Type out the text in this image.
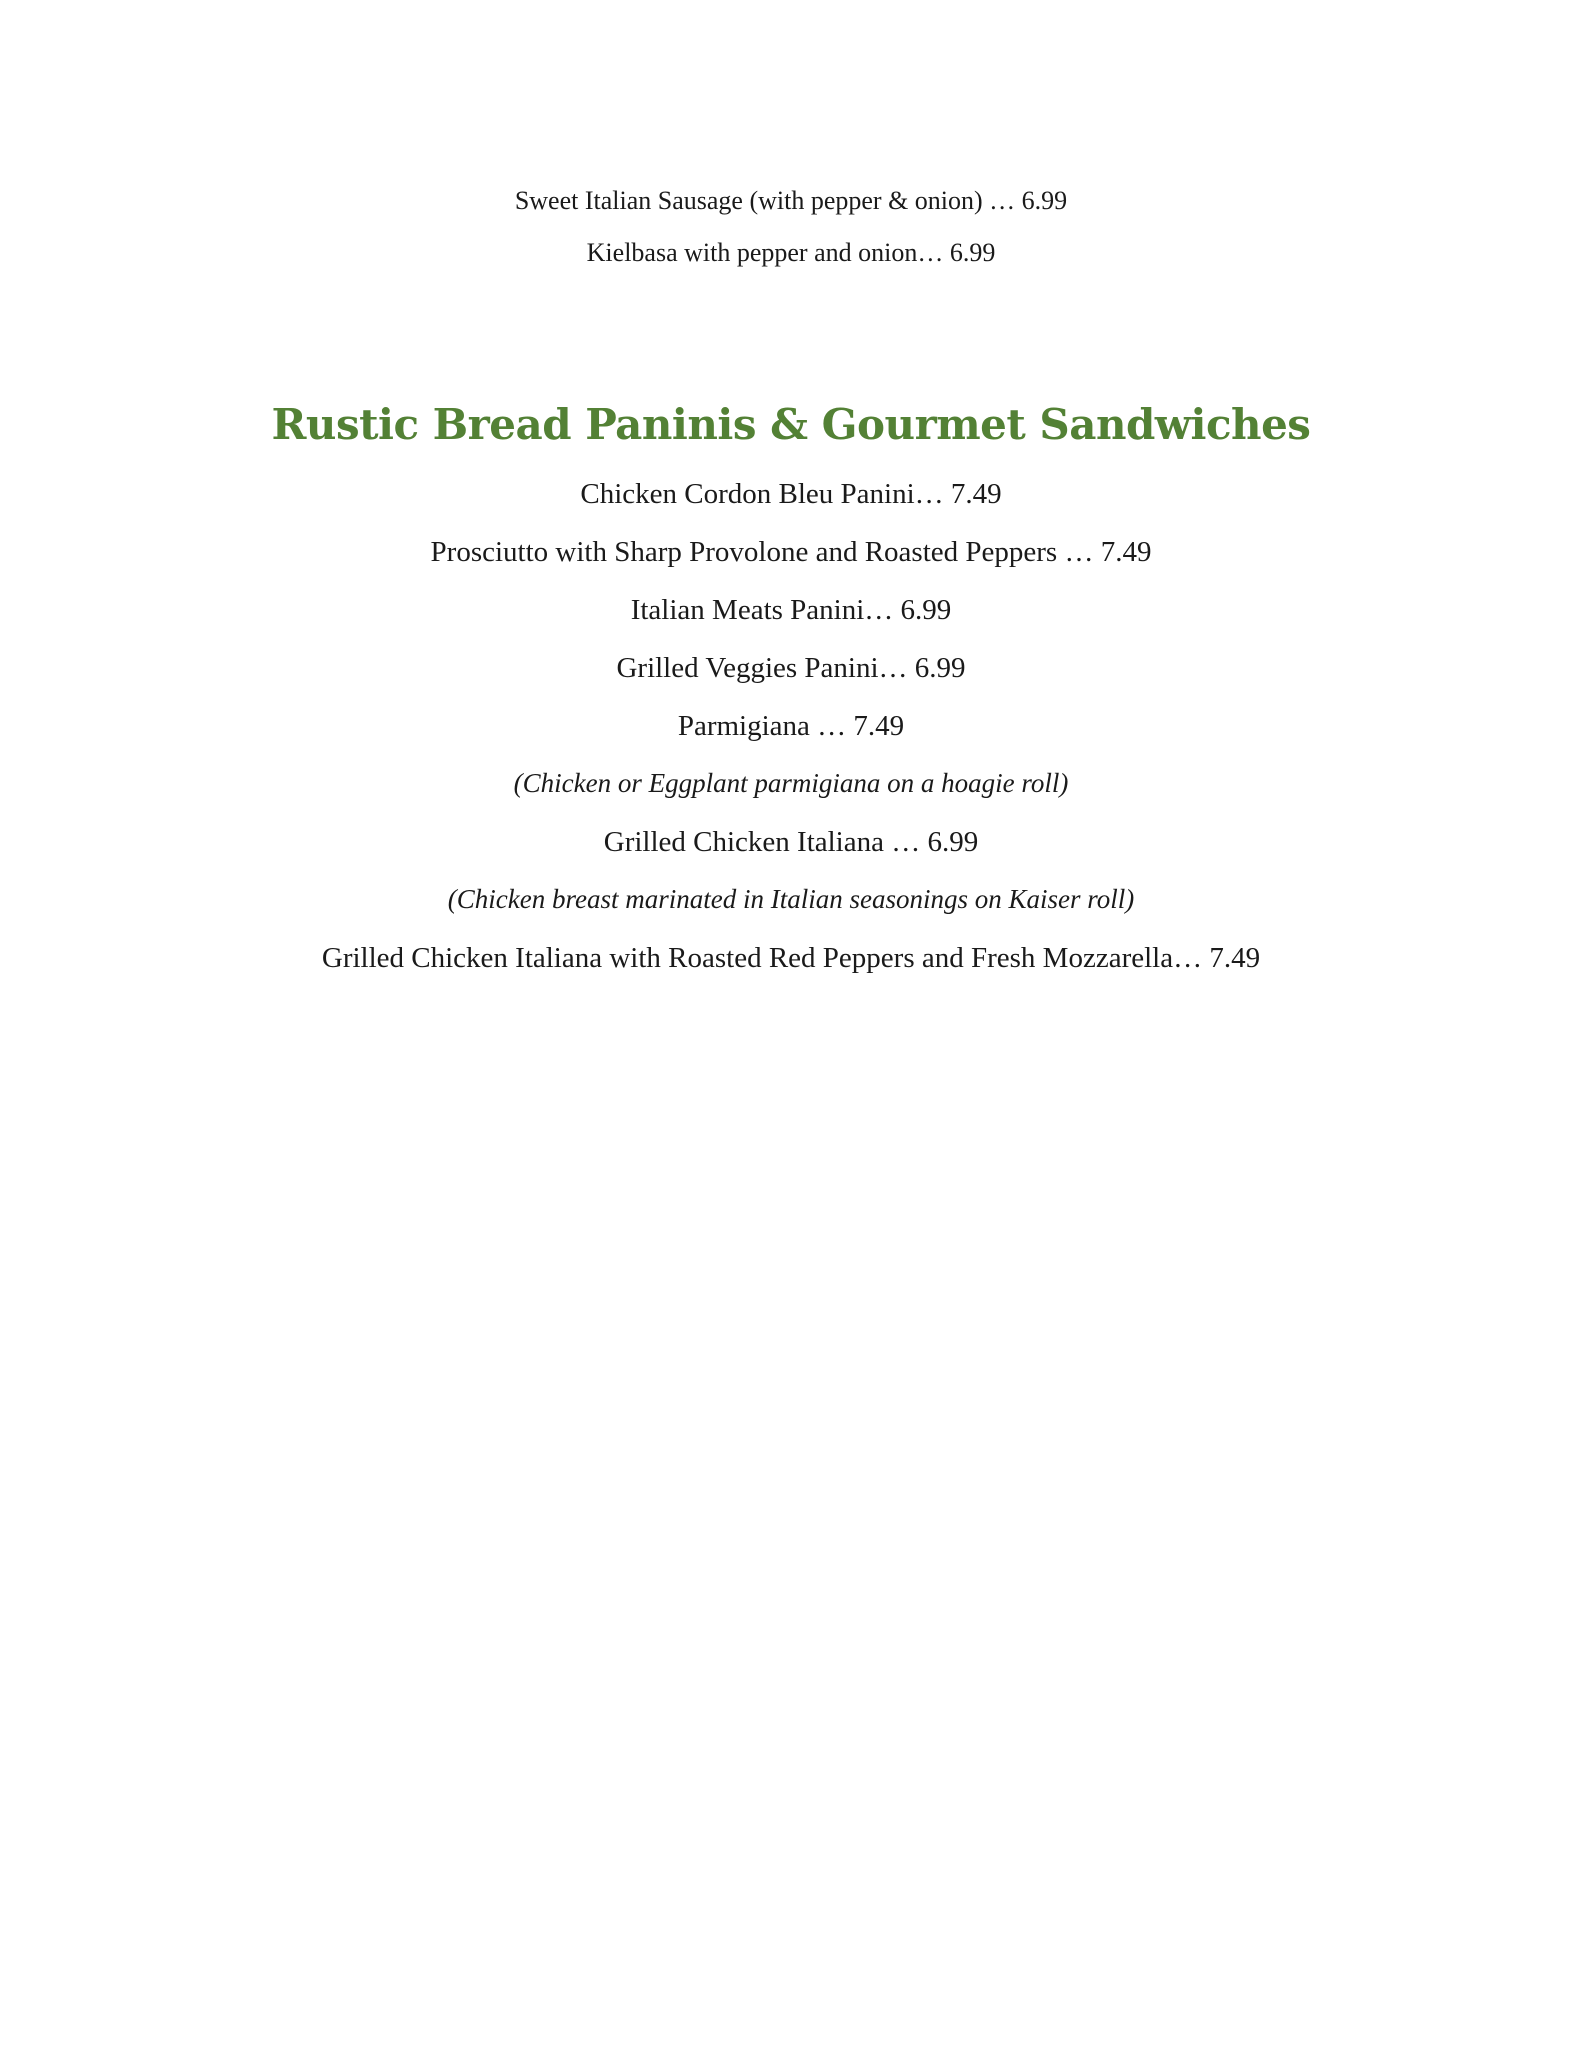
Sweet Italian Sausage (with pepper & onion) … 6.99

Kielbasa with pepper and onion… 6.99

Rustic Bread Paninis & Gourmet Sandwiches

Chicken Cordon Bleu Panini… 7.49

Prosciutto with Sharp Provolone and Roasted Peppers … 7.49

Italian Meats Panini… 6.99

Grilled Veggies Panini… 6.99

Parmigiana … 7.49

(Chicken or Eggplant parmigiana on a hoagie roll)

Grilled Chicken Italiana … 6.99

(Chicken breast marinated in Italian seasonings on Kaiser roll)

Grilled Chicken Italiana with Roasted Red Peppers and Fresh Mozzarella… 7.49
